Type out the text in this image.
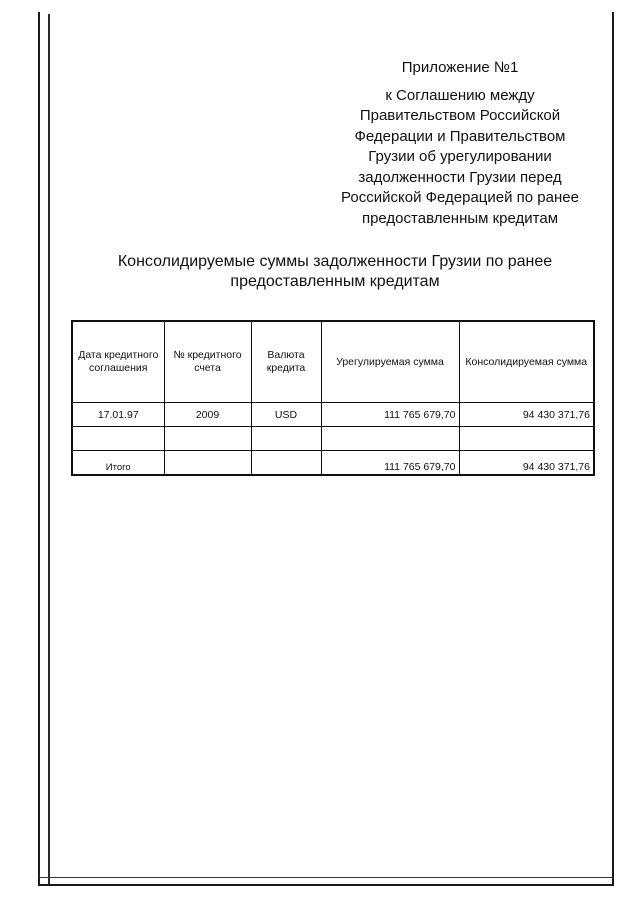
Приложение №1
к Соглашению между
Правительством Российской
Федерации и Правительством
Грузии об урегулировании
задолженности Грузии перед
Российской Федерацией по ранее
предоставленным кредитам
Консолидируемые суммы задолженности Грузии по ранее
предоставленным кредитам
Дата кредитного соглашения	№ кредитного счета	Валюта кредита	Урегулируемая сумма	Консолидируемая сумма
17.01.97	2009	USD	111 765 679,70	94 430 371,76

Итого			111 765 679,70	94 430 371,76
